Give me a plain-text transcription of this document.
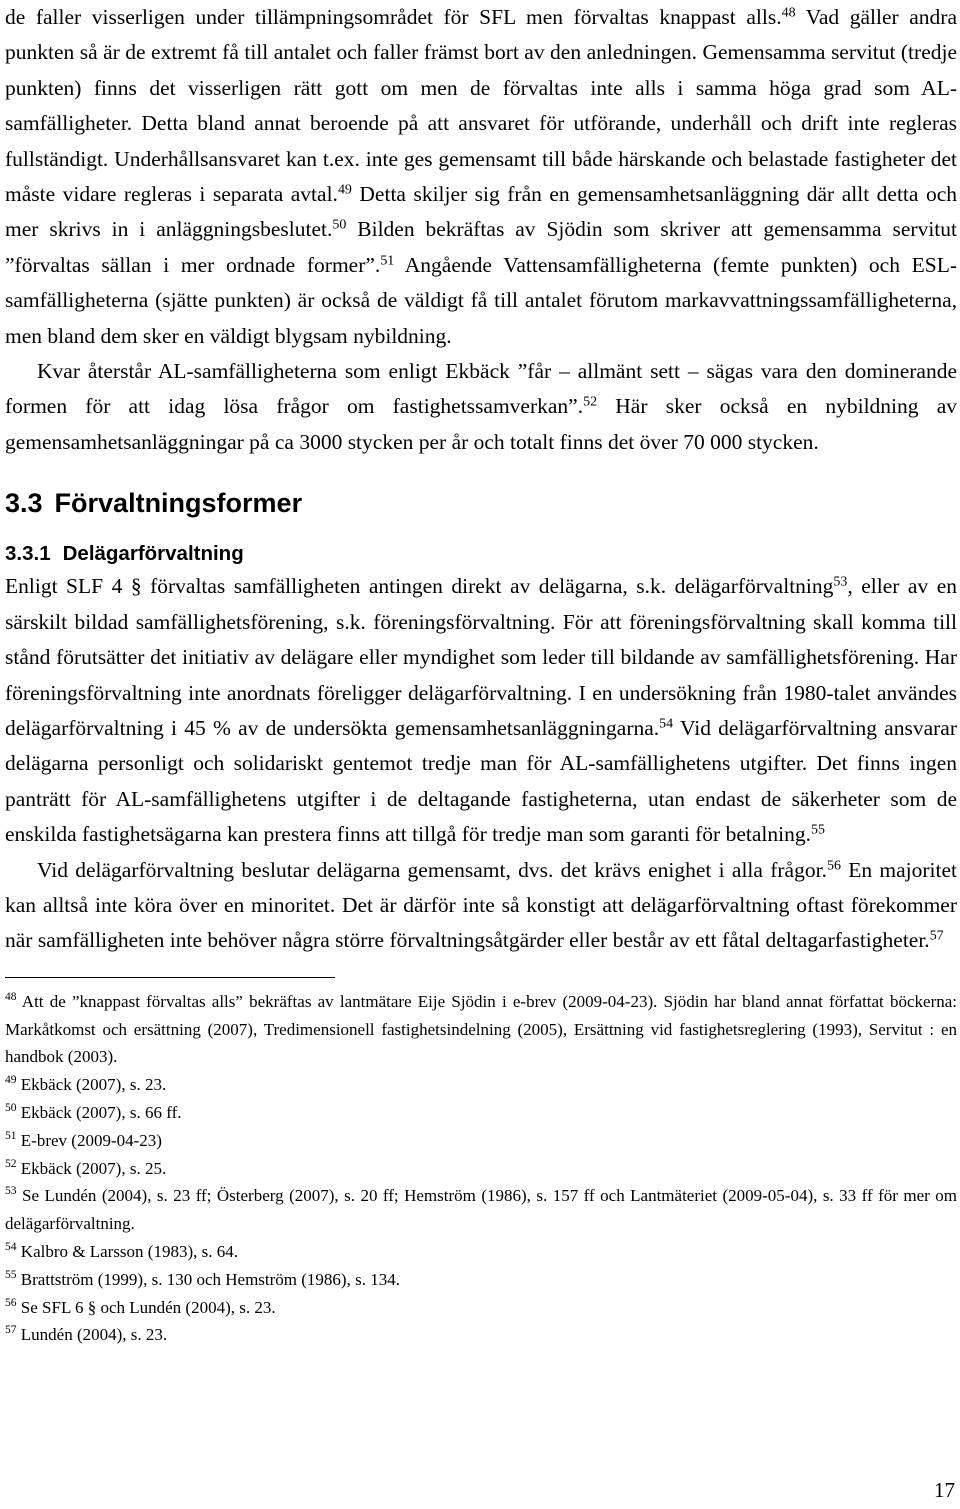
de faller visserligen under tillämpningsområdet för SFL men förvaltas knappast alls.$^{48}$ Vad gäller andra punkten så är de extremt få till antalet och faller främst bort av den anledningen. Gemensamma servitut (tredje punkten) finns det visserligen rätt gott om men de förvaltas inte alls i samma höga grad som AL-samfälligheter. Detta bland annat beroende på att ansvaret för utförande, underhåll och drift inte regleras fullständigt. Underhållsansvaret kan t.ex. inte ges gemensamt till både härskande och belastade fastigheter det måste vidare regleras i separata avtal.$^{49}$ Detta skiljer sig från en gemensamhetsanläggning där allt detta och mer skrivs in i anläggningsbeslutet.$^{50}$ Bilden bekräftas av Sjödin som skriver att gemensamma servitut ”förvaltas sällan i mer ordnade former”.$^{51}$ Angående Vattensamfälligheterna (femte punkten) och ESL-samfälligheterna (sjätte punkten) är också de väldigt få till antalet förutom markavvattningssamfälligheterna, men bland dem sker en väldigt blygsam nybildning.

Kvar återstår AL-samfälligheterna som enligt Ekbäck ”får – allmänt sett – sägas vara den dominerande formen för att idag lösa frågor om fastighetssamverkan”.$^{52}$ Här sker också en nybildning av gemensamhetsanläggningar på ca 3000 stycken per år och totalt finns det över 70 000 stycken.

3.3 Förvaltningsformer
3.3.1 Delägarförvaltning

Enligt SLF 4 § förvaltas samfälligheten antingen direkt av delägarna, s.k. delägarförvaltning$^{53}$, eller av en särskilt bildad samfällighetsförening, s.k. föreningsförvaltning. För att föreningsförvaltning skall komma till stånd förutsätter det initiativ av delägare eller myndighet som leder till bildande av samfällighetsförening. Har föreningsförvaltning inte anordnats föreligger delägarförvaltning. I en undersökning från 1980-talet användes delägarförvaltning i 45 % av de undersökta gemensamhetsanläggningarna.$^{54}$ Vid delägarförvaltning ansvarar delägarna personligt och solidariskt gentemot tredje man för AL-samfällighetens utgifter. Det finns ingen panträtt för AL-samfällighetens utgifter i de deltagande fastigheterna, utan endast de säkerheter som de enskilda fastighetsägarna kan prestera finns att tillgå för tredje man som garanti för betalning.$^{55}$

Vid delägarförvaltning beslutar delägarna gemensamt, dvs. det krävs enighet i alla frågor.$^{56}$ En majoritet kan alltså inte köra över en minoritet. Det är därför inte så konstigt att delägarförvaltning oftast förekommer när samfälligheten inte behöver några större förvaltningsåtgärder eller består av ett fåtal deltagarfastigheter.$^{57}$

$^{48}$ Att de ”knappast förvaltas alls” bekräftas av lantmätare Eije Sjödin i e-brev (2009-04-23). Sjödin har bland annat författat böckerna: Markåtkomst och ersättning (2007), Tredimensionell fastighetsindelning (2005), Ersättning vid fastighetsreglering (1993), Servitut : en handbok (2003).

$^{49}$ Ekbäck (2007), s. 23.

$^{50}$ Ekbäck (2007), s. 66 ff.

$^{51}$ E-brev (2009-04-23)

$^{52}$ Ekbäck (2007), s. 25.

$^{53}$ Se Lundén (2004), s. 23 ff; Österberg (2007), s. 20 ff; Hemström (1986), s. 157 ff och Lantmäteriet (2009-05-04), s. 33 ff för mer om delägarförvaltning.

$^{54}$ Kalbro & Larsson (1983), s. 64.

$^{55}$ Brattström (1999), s. 130 och Hemström (1986), s. 134.

$^{56}$ Se SFL 6 § och Lundén (2004), s. 23.

$^{57}$ Lundén (2004), s. 23.

17
